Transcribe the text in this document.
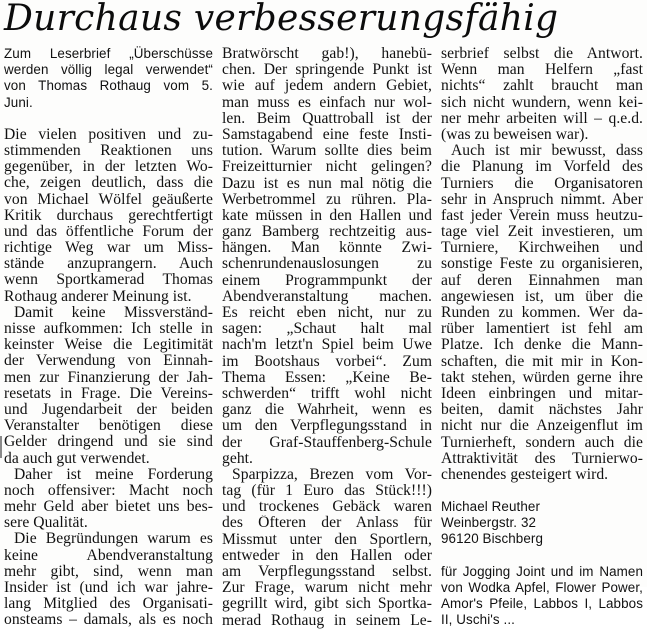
Durchaus verbesserungsfähig
Zum Leserbrief „Überschüsse
werden völlig legal verwendet“
von Thomas Rothaug vom 5.
Juni.
Die vielen positiven und zu-
stimmenden Reaktionen uns
gegenüber, in der letzten Wo-
che, zeigen deutlich, dass die
von Michael Wölfel geäußerte
Kritik durchaus gerechtfertigt
und das öffentliche Forum der
richtige Weg war um Miss-
stände anzuprangern. Auch
wenn Sportkamerad Thomas
Rothaug anderer Meinung ist.
Damit keine Missverständ-
nisse aufkommen: Ich stelle in
keinster Weise die Legitimität
der Verwendung von Einnah-
men zur Finanzierung der Jah-
resetats in Frage. Die Vereins-
und Jugendarbeit der beiden
Veranstalter benötigen diese
Gelder dringend und sie sind
da auch gut verwendet.
Daher ist meine Forderung
noch offensiver: Macht noch
mehr Geld aber bietet uns bes-
sere Qualität.
Die Begründungen warum es
keine Abendveranstaltung
mehr gibt, sind, wenn man
Insider ist (und ich war jahre-
lang Mitglied des Organisati-
onsteams – damals, als es noch
Bratwörscht gab!), hanebü-
chen. Der springende Punkt ist
wie auf jedem andern Gebiet,
man muss es einfach nur wol-
len. Beim Quattroball ist der
Samstagabend eine feste Insti-
tution. Warum sollte dies beim
Freizeitturnier nicht gelingen?
Dazu ist es nun mal nötig die
Werbetrommel zu rühren. Pla-
kate müssen in den Hallen und
ganz Bamberg rechtzeitig aus-
hängen. Man könnte Zwi-
schenrundenauslosungen zu
einem Programmpunkt der
Abendveranstaltung machen.
Es reicht eben nicht, nur zu
sagen: „Schaut halt mal
nach'm letzt'n Spiel beim Uwe
im Bootshaus vorbei“. Zum
Thema Essen: „Keine Be-
schwerden“ trifft wohl nicht
ganz die Wahrheit, wenn es
um den Verpflegungsstand in
der Graf-Stauffenberg-Schule
geht.
Sparpizza, Brezen vom Vor-
tag (für 1 Euro das Stück!!!)
und trockenes Gebäck waren
des Öfteren der Anlass für
Missmut unter den Sportlern,
entweder in den Hallen oder
am Verpflegungsstand selbst.
Zur Frage, warum nicht mehr
gegrillt wird, gibt sich Sportka-
merad Rothaug in seinem Le-
serbrief selbst die Antwort.
Wenn man Helfern „fast
nichts“ zahlt braucht man
sich nicht wundern, wenn kei-
ner mehr arbeiten will – q.e.d.
(was zu beweisen war).
Auch ist mir bewusst, dass
die Planung im Vorfeld des
Turniers die Organisatoren
sehr in Anspruch nimmt. Aber
fast jeder Verein muss heutzu-
tage viel Zeit investieren, um
Turniere, Kirchweihen und
sonstige Feste zu organisieren,
auf deren Einnahmen man
angewiesen ist, um über die
Runden zu kommen. Wer da-
rüber lamentiert ist fehl am
Platze. Ich denke die Mann-
schaften, die mit mir in Kon-
takt stehen, würden gerne ihre
Ideen einbringen und mitar-
beiten, damit nächstes Jahr
nicht nur die Anzeigenflut im
Turnierheft, sondern auch die
Attraktivität des Turnierwo-
chenendes gesteigert wird.
Michael Reuther
Weinbergstr. 32
96120 Bischberg
für Jogging Joint und im Namen
von Wodka Apfel, Flower Power,
Amor's Pfeile, Labbos I, Labbos
II, Uschi's ...
